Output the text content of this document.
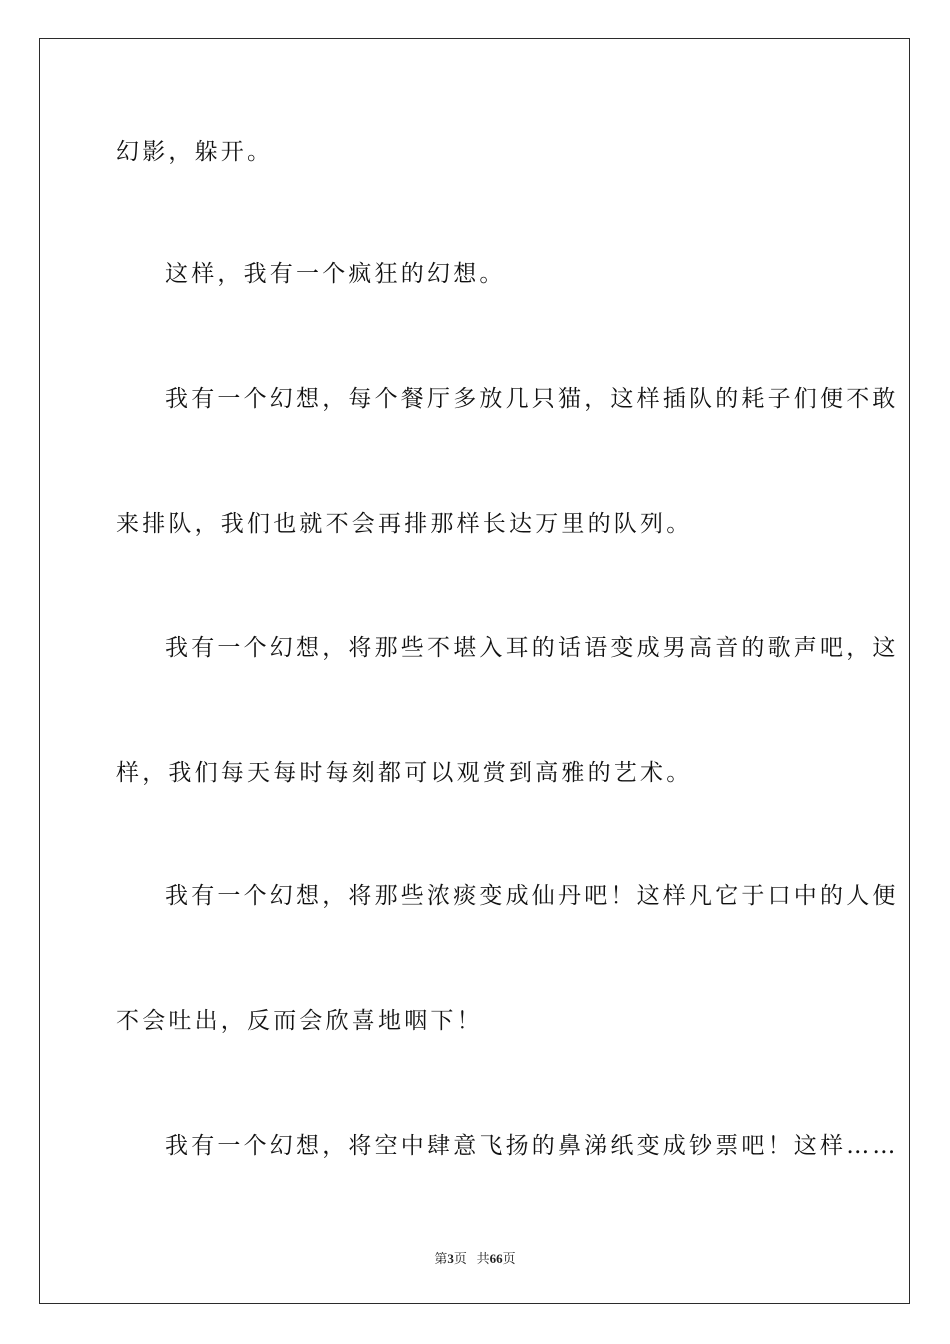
幻影，躲开。

这样，我有一个疯狂的幻想。

我有一个幻想，每个餐厅多放几只猫，这样插队的耗子们便不敢

来排队，我们也就不会再排那样长达万里的队列。

我有一个幻想，将那些不堪入耳的话语变成男高音的歌声吧，这

样，我们每天每时每刻都可以观赏到高雅的艺术。

我有一个幻想，将那些浓痰变成仙丹吧！这样凡它于口中的人便

不会吐出，反而会欣喜地咽下！

我有一个幻想，将空中肆意飞扬的鼻涕纸变成钞票吧！这样……

第3页 共66页
